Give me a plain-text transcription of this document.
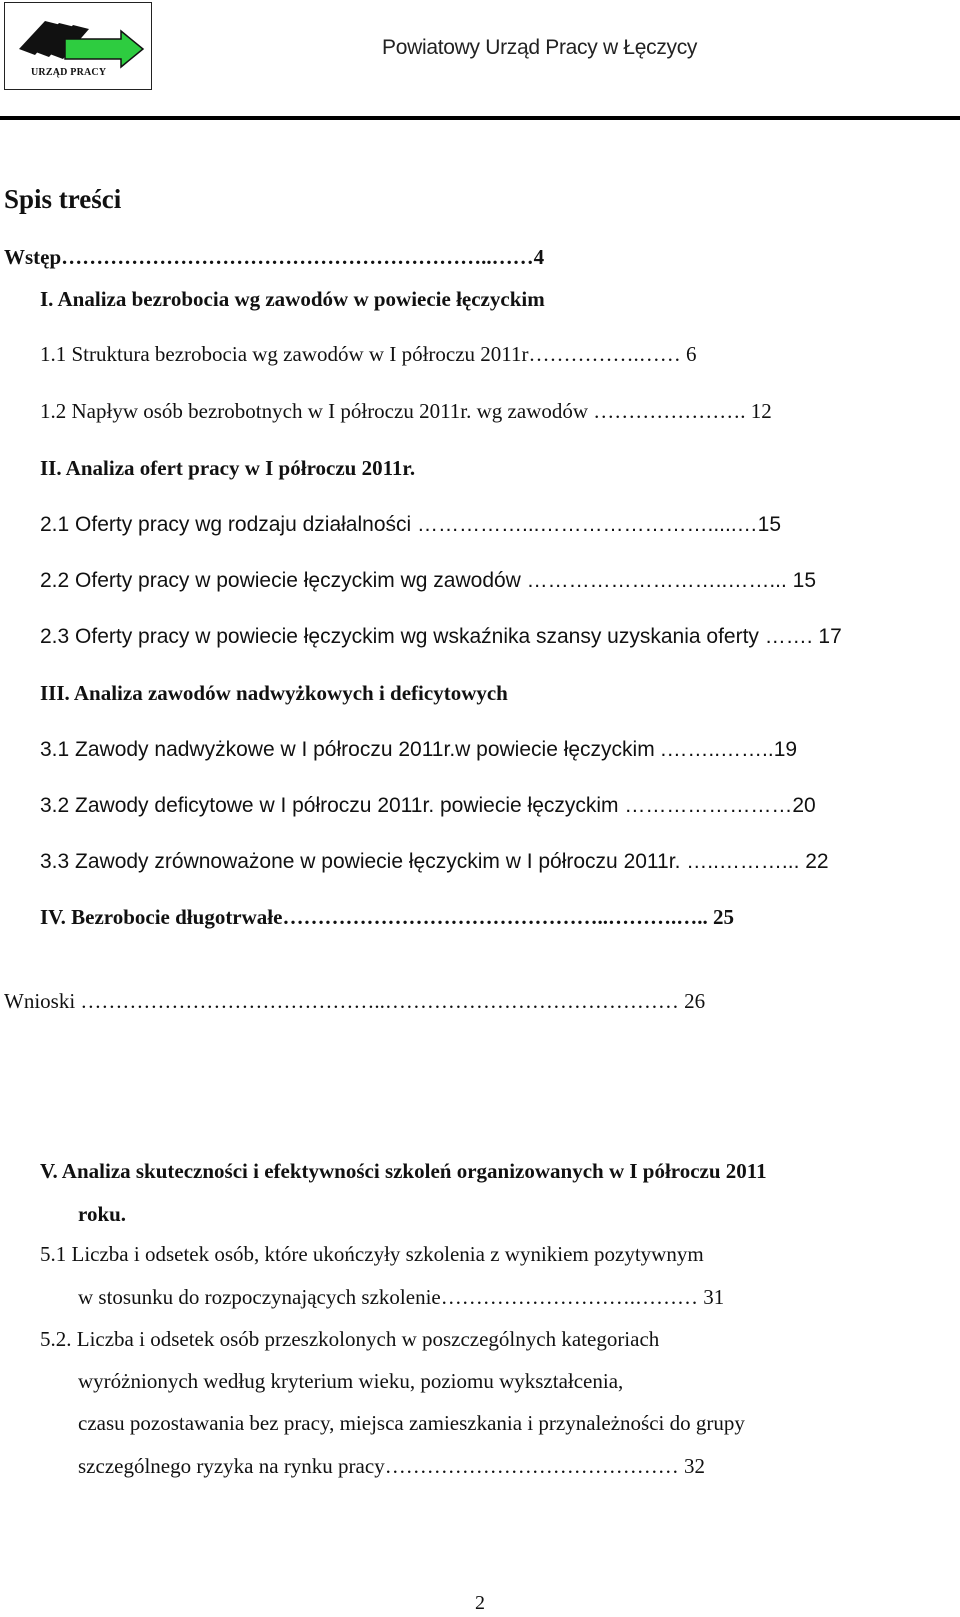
URZĄD PRACY
Powiatowy Urząd Pracy w Łęczycy
Spis treści
Wstęp……………………………………………………..……4
I. Analiza bezrobocia wg zawodów w powiecie łęczyckim
1.1 Struktura bezrobocia wg zawodów w I półroczu 2011r…………….…… 6
1.2 Napływ osób bezrobotnych w I półroczu 2011r. wg zawodów …………………. 12
II. Analiza ofert pracy w I półroczu 2011r.
2.1 Oferty pracy wg rodzaju działalności ……………...…………………….....…15
2.2 Oferty pracy w powiecie łęczyckim wg zawodów ………………………..……... 15
2.3 Oferty pracy w powiecie łęczyckim wg wskaźnika szansy uzyskania oferty ……. 17
III. Analiza zawodów nadwyżkowych i deficytowych
3.1 Zawody nadwyżkowe w I półroczu 2011r.w powiecie łęczyckim .……..……..19
3.2 Zawody deficytowe w I półroczu 2011r. powiecie łęczyckim ……………………20
3.3 Zawody zrównoważone w powiecie łęczyckim w I półroczu 2011r. …..………... 22
IV. Bezrobocie długotrwałe………………………………………..……….….. 25
Wnioski ……………………………………..…………………………………… 26
V. Analiza skuteczności i efektywności szkoleń organizowanych w I półroczu 2011
roku.
5.1 Liczba i odsetek osób, które ukończyły szkolenia z wynikiem pozytywnym
w stosunku do rozpoczynających szkolenie……………………….……… 31
5.2. Liczba i odsetek osób przeszkolonych w poszczególnych kategoriach
wyróżnionych według kryterium wieku, poziomu wykształcenia,
czasu pozostawania bez pracy, miejsca zamieszkania i przynależności do grupy
szczególnego ryzyka na rynku pracy…………………………………… 32
2
